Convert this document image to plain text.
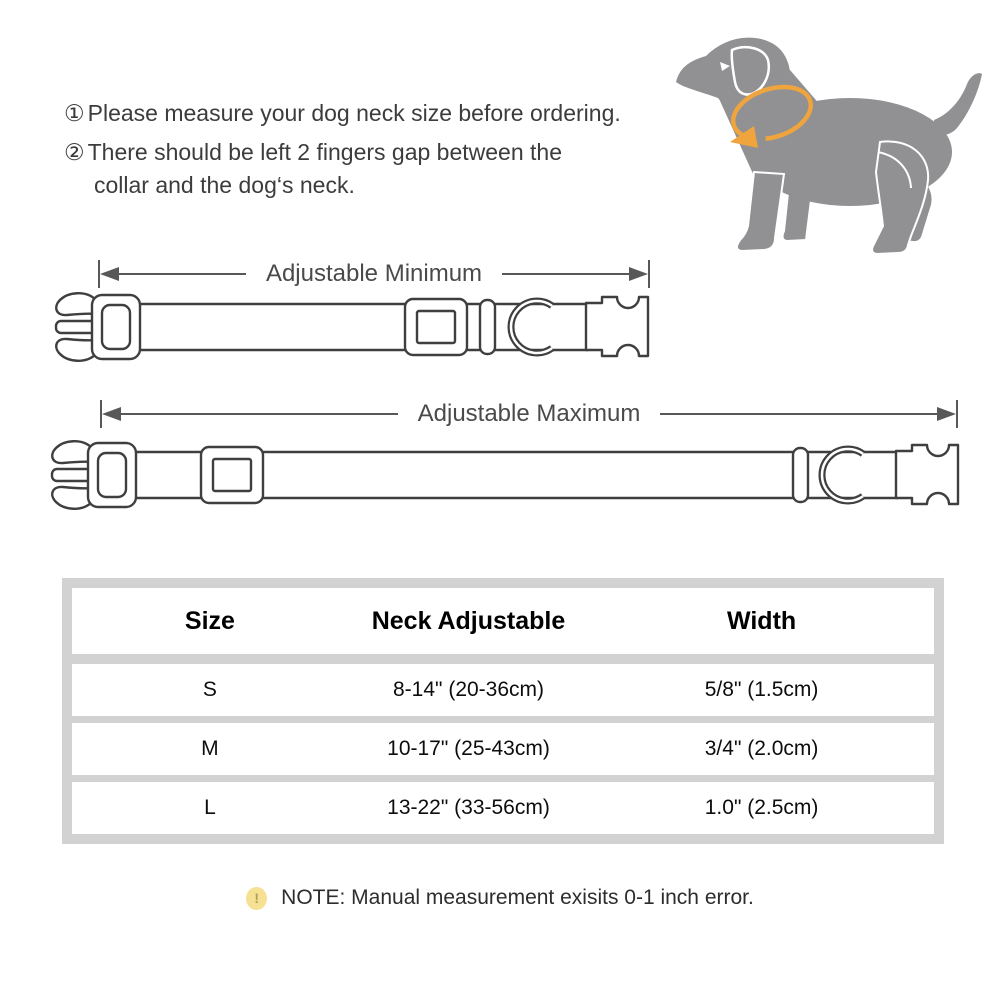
① Please measure your dog neck size before ordering.
② There should be left 2 fingers gap between the
collar and the dog‘s neck.
Adjustable Minimum
Adjustable Maximum
Size	Neck Adjustable	Width
S	8-14" (20-36cm)	5/8" (1.5cm)
M	10-17" (25-43cm)	3/4" (2.0cm)
L	13-22" (33-56cm)	1.0" (2.5cm)
!	NOTE: Manual measurement exisits 0-1 inch error.
